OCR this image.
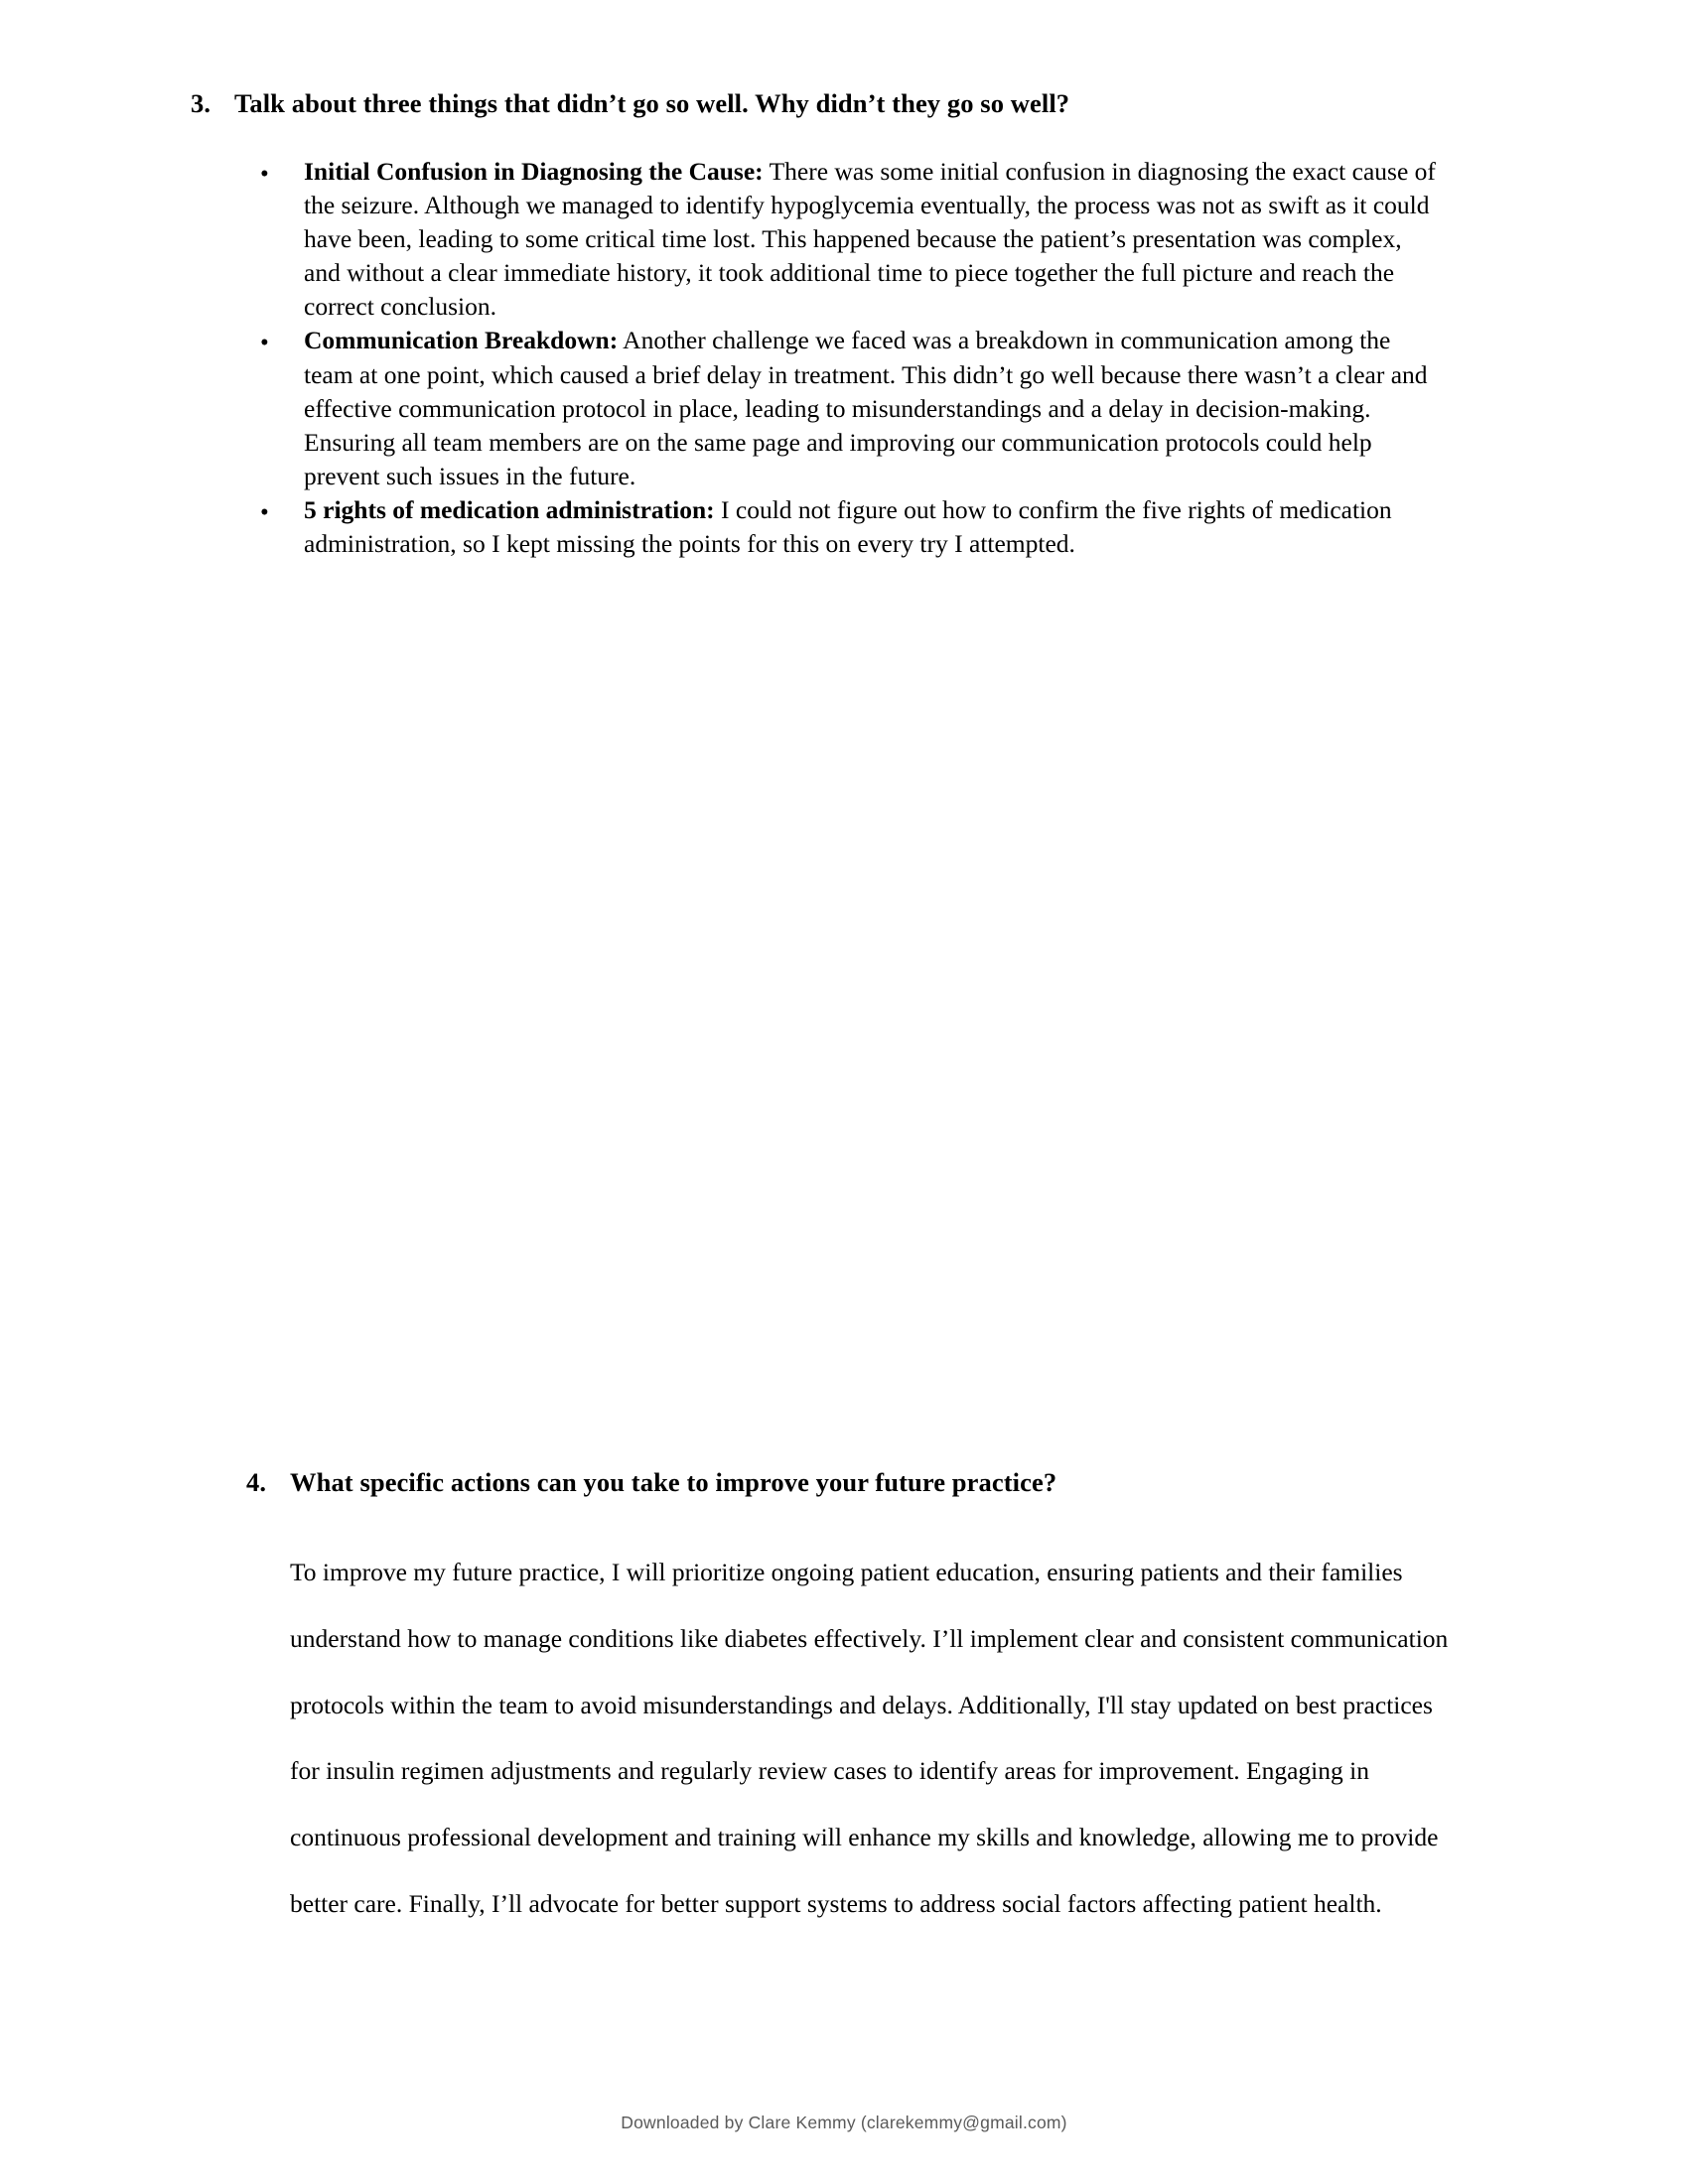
3. Talk about three things that didn’t go so well. Why didn’t they go so well?
• Initial Confusion in Diagnosing the Cause: There was some initial confusion in diagnosing the exact cause of the seizure. Although we managed to identify hypoglycemia eventually, the process was not as swift as it could have been, leading to some critical time lost. This happened because the patient’s presentation was complex, and without a clear immediate history, it took additional time to piece together the full picture and reach the correct conclusion.
• Communication Breakdown: Another challenge we faced was a breakdown in communication among the team at one point, which caused a brief delay in treatment. This didn’t go well because there wasn’t a clear and effective communication protocol in place, leading to misunderstandings and a delay in decision-making. Ensuring all team members are on the same page and improving our communication protocols could help prevent such issues in the future.
• 5 rights of medication administration: I could not figure out how to confirm the five rights of medication administration, so I kept missing the points for this on every try I attempted.
4. What specific actions can you take to improve your future practice?
To improve my future practice, I will prioritize ongoing patient education, ensuring patients and their families understand how to manage conditions like diabetes effectively. I’ll implement clear and consistent communication protocols within the team to avoid misunderstandings and delays. Additionally, I'll stay updated on best practices for insulin regimen adjustments and regularly review cases to identify areas for improvement. Engaging in continuous professional development and training will enhance my skills and knowledge, allowing me to provide better care. Finally, I’ll advocate for better support systems to address social factors affecting patient health.
Downloaded by Clare Kemmy (clarekemmy@gmail.com)
